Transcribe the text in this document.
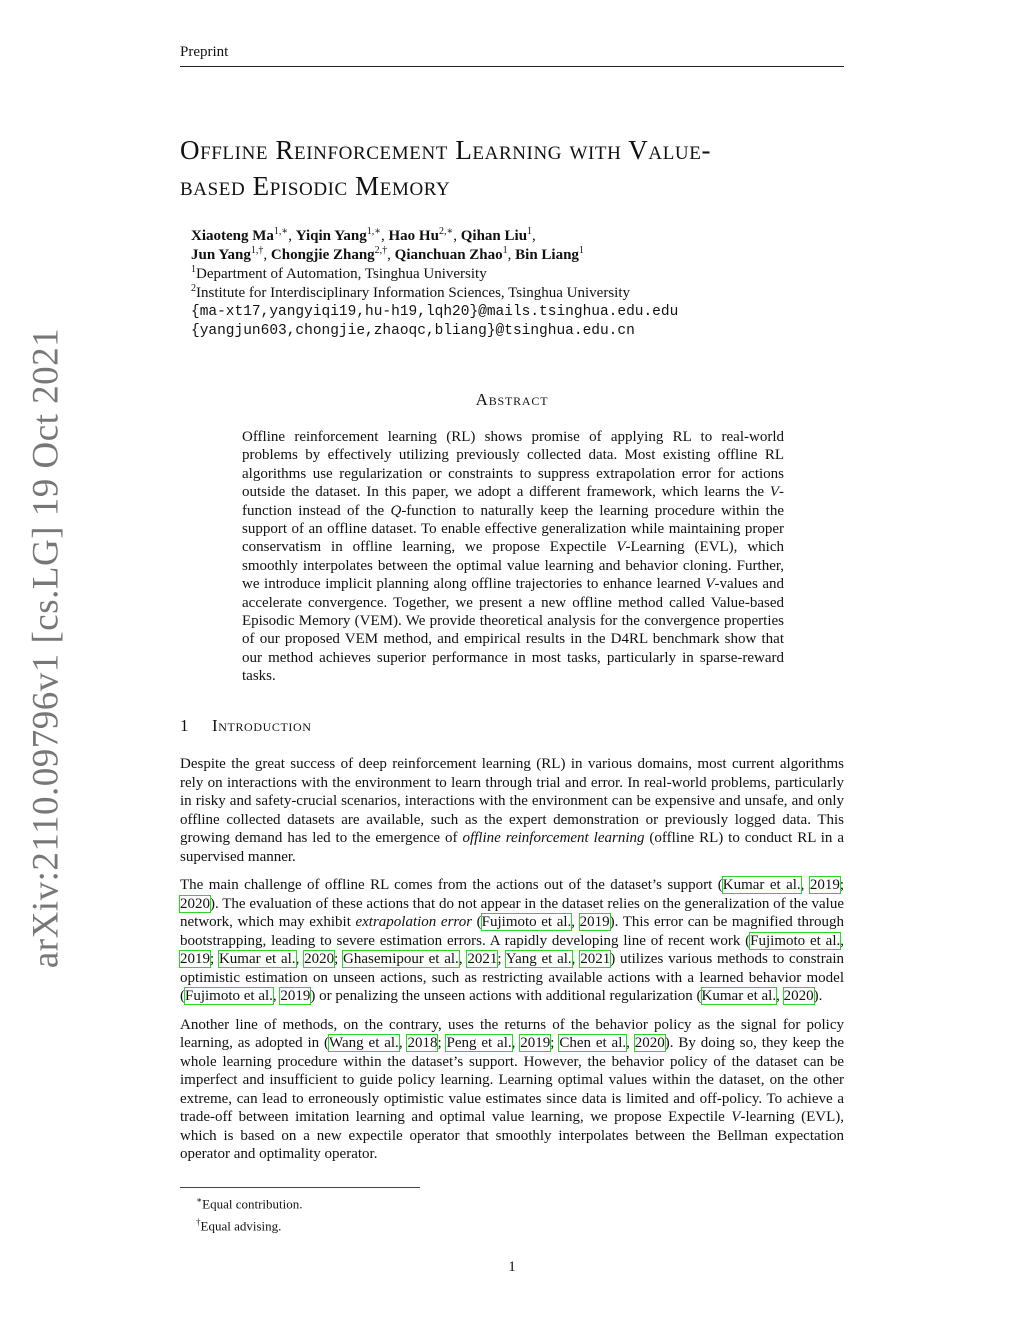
arXiv:2110.09796v1 [cs.LG] 19 Oct 2021
Preprint
Offline Reinforcement Learning with Value-
based Episodic Memory
Xiaoteng $Ma^{1,∗}$, Yiqin Yang$^{1,∗}$, Hao $Hu^{2,∗}$, Qihan Liu$^1$,
Jun Yang$^{1,\dagger}$, Chongjie Zhang$^{2,\dagger}$, Qianchuan Zhao$^1$, Bin Liang$^1$
$^1$Department of Automation, Tsinghua University
$^2$Institute for Interdisciplinary Information Sciences, Tsinghua University
{ma-xt17,yangyiqi19,hu-h19,lqh20}@mails.tsinghua.edu.edu
{yangjun603,chongjie,zhaoqc,bliang}@tsinghua.edu.cn
Abstract

Offline reinforcement learning (RL) shows promise of applying RL to real-world problems by effectively utilizing previously collected data. Most existing offline RL algorithms use regularization or constraints to suppress extrapolation error for actions outside the dataset. In this paper, we adopt a different framework, which learns the V-function instead of the Q-function to naturally keep the learning procedure within the support of an offline dataset. To enable effective generalization while maintaining proper conservatism in offline learning, we propose Expectile V-Learning (EVL), which smoothly interpolates between the optimal value learning and behavior cloning. Further, we introduce implicit planning along offline trajectories to enhance learned V-values and accelerate convergence. Together, we present a new offline method called Value-based Episodic Memory (VEM). We provide theoretical analysis for the convergence properties of our proposed VEM method, and empirical results in the D4RL benchmark show that our method achieves superior performance in most tasks, particularly in sparse-reward tasks.

1 Introduction

Despite the great success of deep reinforcement learning (RL) in various domains, most current algorithms rely on interactions with the environment to learn through trial and error. In real-world problems, particularly in risky and safety-crucial scenarios, interactions with the environment can be expensive and unsafe, and only offline collected datasets are available, such as the expert demonstration or previously logged data. This growing demand has led to the emergence of offline reinforcement learning (offline RL) to conduct RL in a supervised manner.

The main challenge of offline RL comes from the actions out of the dataset’s support (Kumar et al., 2019; 2020). The evaluation of these actions that do not appear in the dataset relies on the generalization of the value network, which may exhibit extrapolation error (Fujimoto et al., 2019). This error can be magnified through bootstrapping, leading to severe estimation errors. A rapidly developing line of recent work (Fujimoto et al., 2019; Kumar et al., 2020; Ghasemipour et al., 2021; Yang et al., 2021) utilizes various methods to constrain optimistic estimation on unseen actions, such as restricting available actions with a learned behavior model (Fujimoto et al., 2019) or penalizing the unseen actions with additional regularization (Kumar et al., 2020).

Another line of methods, on the contrary, uses the returns of the behavior policy as the signal for policy learning, as adopted in (Wang et al., 2018; Peng et al., 2019; Chen et al., 2020). By doing so, they keep the whole learning procedure within the dataset’s support. However, the behavior policy of the dataset can be imperfect and insufficient to guide policy learning. Learning optimal values within the dataset, on the other extreme, can lead to erroneously optimistic value estimates since data is limited and off-policy. To achieve a trade-off between imitation learning and optimal value learning, we propose Expectile V-learning (EVL), which is based on a new expectile operator that smoothly interpolates between the Bellman expectation operator and optimality operator.

∗Equal contribution.
†Equal advising.
1
